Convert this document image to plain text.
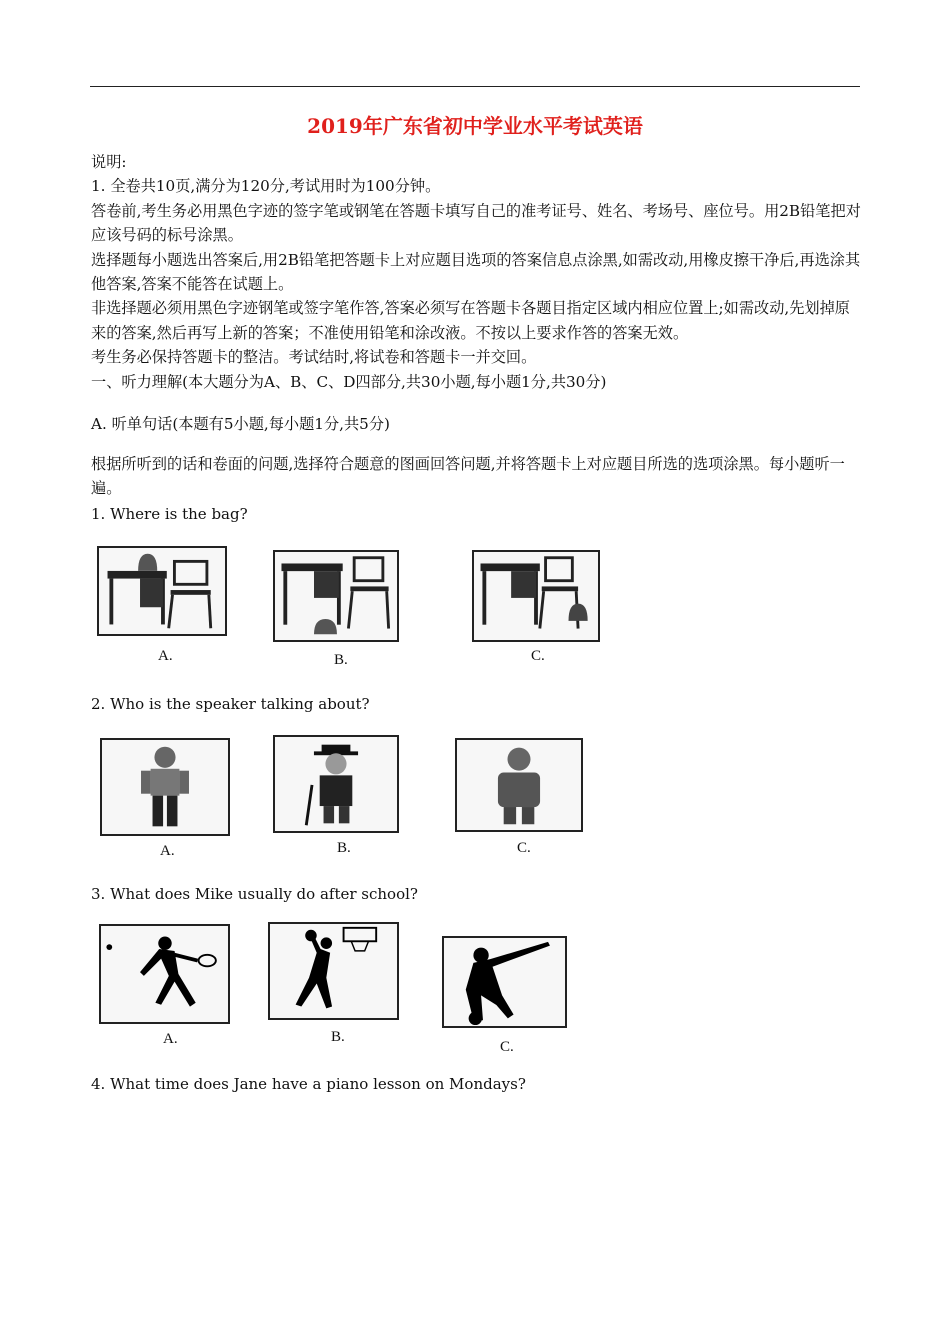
2019年广东省初中学业水平考试英语

说明:

1. 全卷共10页,满分为120分,考试用时为100分钟。

答卷前,考生务必用黑色字迹的签字笔或钢笔在答题卡填写自己的准考证号、姓名、考场号、座位号。用2B铅笔把对应该号码的标号涂黑。

选择题每小题选出答案后,用2B铅笔把答题卡上对应题目选项的答案信息点涂黑,如需改动,用橡皮擦干净后,再选涂其他答案,答案不能答在试题上。

非选择题必须用黑色字迹钢笔或签字笔作答,答案必须写在答题卡各题目指定区域内相应位置上;如需改动,先划掉原来的答案,然后再写上新的答案；不准使用铅笔和涂改液。不按以上要求作答的答案无效。

考生务必保持答题卡的整洁。考试结时,将试卷和答题卡一并交回。

一、听力理解(本大题分为A、B、C、D四部分,共30小题,每小题1分,共30分)

A. 听单句话(本题有5小题,每小题1分,共5分)

根据所听到的话和卷面的问题,选择符合题意的图画回答问题,并将答题卡上对应题目所选的选项涂黑。每小题听一遍。

1. Where is the bag?
A.	B.	C.
2. Who is the speaker talking about?
A.	B.	C.
3. What does Mike usually do after school?
A.	B.
C.
4. What time does Jane have a piano lesson on Mondays?
